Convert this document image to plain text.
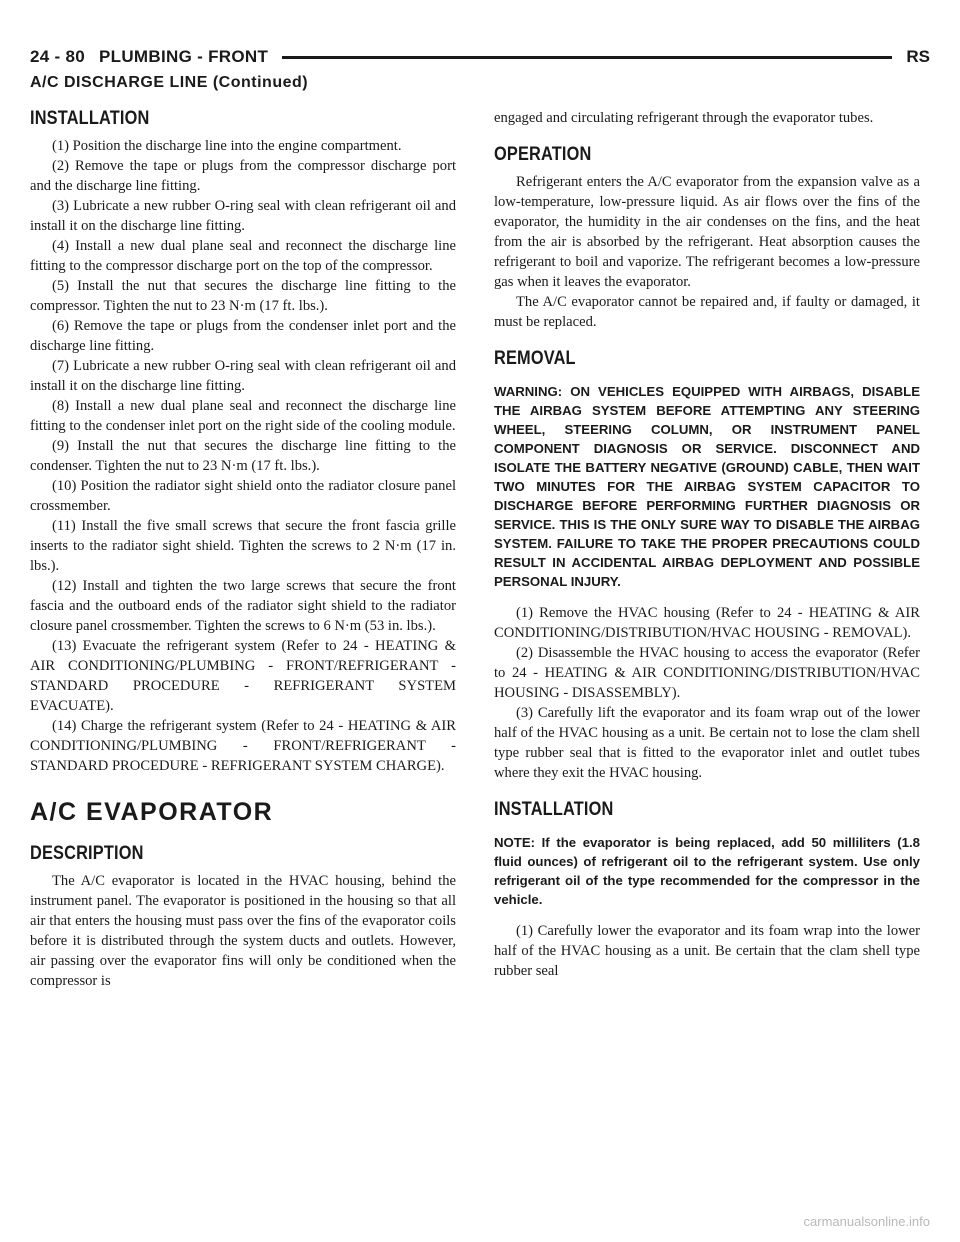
24 - 80 PLUMBING - FRONT	RS
A/C DISCHARGE LINE (Continued)
INSTALLATION

(1) Position the discharge line into the engine compartment.

(2) Remove the tape or plugs from the compressor discharge port and the discharge line fitting.

(3) Lubricate a new rubber O-ring seal with clean refrigerant oil and install it on the discharge line fitting.

(4) Install a new dual plane seal and reconnect the discharge line fitting to the compressor discharge port on the top of the compressor.

(5) Install the nut that secures the discharge line fitting to the compressor. Tighten the nut to 23 N·m (17 ft. lbs.).

(6) Remove the tape or plugs from the condenser inlet port and the discharge line fitting.

(7) Lubricate a new rubber O-ring seal with clean refrigerant oil and install it on the discharge line fitting.

(8) Install a new dual plane seal and reconnect the discharge line fitting to the condenser inlet port on the right side of the cooling module.

(9) Install the nut that secures the discharge line fitting to the condenser. Tighten the nut to 23 N·m (17 ft. lbs.).

(10) Position the radiator sight shield onto the radiator closure panel crossmember.

(11) Install the five small screws that secure the front fascia grille inserts to the radiator sight shield. Tighten the screws to 2 N·m (17 in. lbs.).

(12) Install and tighten the two large screws that secure the front fascia and the outboard ends of the radiator sight shield to the radiator closure panel crossmember. Tighten the screws to 6 N·m (53 in. lbs.).

(13) Evacuate the refrigerant system (Refer to 24 - HEATING & AIR CONDITIONING/PLUMBING - FRONT/REFRIGERANT - STANDARD PROCEDURE - REFRIGERANT SYSTEM EVACUATE).

(14) Charge the refrigerant system (Refer to 24 - HEATING & AIR CONDITIONING/PLUMBING - FRONT/REFRIGERANT - STANDARD PROCEDURE - REFRIGERANT SYSTEM CHARGE).

A/C EVAPORATOR
DESCRIPTION

The A/C evaporator is located in the HVAC housing, behind the instrument panel. The evaporator is positioned in the housing so that all air that enters the housing must pass over the fins of the evaporator coils before it is distributed through the system ducts and outlets. However, air passing over the evaporator fins will only be conditioned when the compressor is

engaged and circulating refrigerant through the evaporator tubes.

OPERATION

Refrigerant enters the A/C evaporator from the expansion valve as a low-temperature, low-pressure liquid. As air flows over the fins of the evaporator, the humidity in the air condenses on the fins, and the heat from the air is absorbed by the refrigerant. Heat absorption causes the refrigerant to boil and vaporize. The refrigerant becomes a low-pressure gas when it leaves the evaporator.

The A/C evaporator cannot be repaired and, if faulty or damaged, it must be replaced.

REMOVAL

WARNING: ON VEHICLES EQUIPPED WITH AIRBAGS, DISABLE THE AIRBAG SYSTEM BEFORE ATTEMPTING ANY STEERING WHEEL, STEERING COLUMN, OR INSTRUMENT PANEL COMPONENT DIAGNOSIS OR SERVICE. DISCONNECT AND ISOLATE THE BATTERY NEGATIVE (GROUND) CABLE, THEN WAIT TWO MINUTES FOR THE AIRBAG SYSTEM CAPACITOR TO DISCHARGE BEFORE PERFORMING FURTHER DIAGNOSIS OR SERVICE. THIS IS THE ONLY SURE WAY TO DISABLE THE AIRBAG SYSTEM. FAILURE TO TAKE THE PROPER PRECAUTIONS COULD RESULT IN ACCIDENTAL AIRBAG DEPLOYMENT AND POSSIBLE PERSONAL INJURY.

(1) Remove the HVAC housing (Refer to 24 - HEATING & AIR CONDITIONING/DISTRIBUTION/HVAC HOUSING - REMOVAL).

(2) Disassemble the HVAC housing to access the evaporator (Refer to 24 - HEATING & AIR CONDITIONING/DISTRIBUTION/HVAC HOUSING - DISASSEMBLY).

(3) Carefully lift the evaporator and its foam wrap out of the lower half of the HVAC housing as a unit. Be certain not to lose the clam shell type rubber seal that is fitted to the evaporator inlet and outlet tubes where they exit the HVAC housing.

INSTALLATION

NOTE: If the evaporator is being replaced, add 50 milliliters (1.8 fluid ounces) of refrigerant oil to the refrigerant system. Use only refrigerant oil of the type recommended for the compressor in the vehicle.

(1) Carefully lower the evaporator and its foam wrap into the lower half of the HVAC housing as a unit. Be certain that the clam shell type rubber seal

carmanualsonline.info
